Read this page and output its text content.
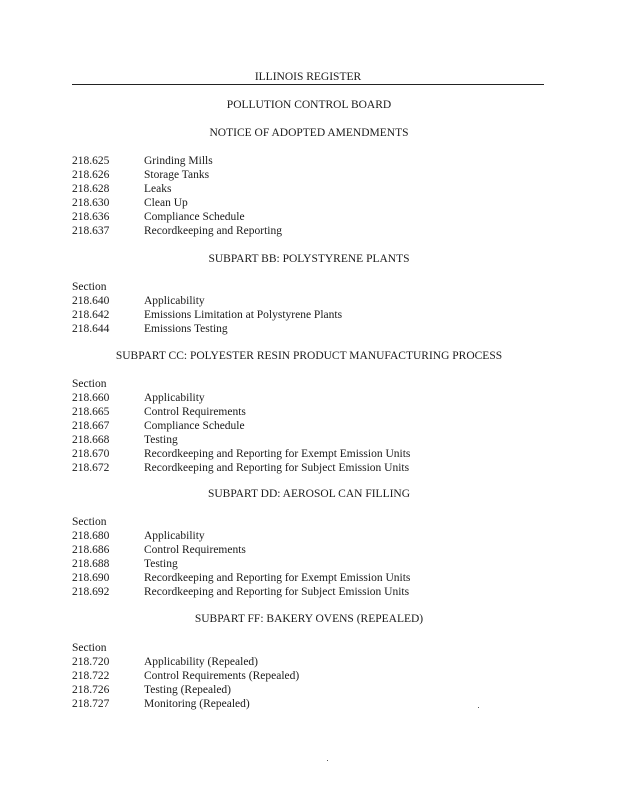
ILLINOIS REGISTER
POLLUTION CONTROL BOARD
NOTICE OF ADOPTED AMENDMENTS
218.625	Grinding Mills
218.626	Storage Tanks
218.628	Leaks
218.630	Clean Up
218.636	Compliance Schedule
218.637	Recordkeeping and Reporting
SUBPART BB: POLYSTYRENE PLANTS
Section
218.640	Applicability
218.642	Emissions Limitation at Polystyrene Plants
218.644	Emissions Testing
SUBPART CC: POLYESTER RESIN PRODUCT MANUFACTURING PROCESS
Section
218.660	Applicability
218.665	Control Requirements
218.667	Compliance Schedule
218.668	Testing
218.670	Recordkeeping and Reporting for Exempt Emission Units
218.672	Recordkeeping and Reporting for Subject Emission Units
SUBPART DD: AEROSOL CAN FILLING
Section
218.680	Applicability
218.686	Control Requirements
218.688	Testing
218.690	Recordkeeping and Reporting for Exempt Emission Units
218.692	Recordkeeping and Reporting for Subject Emission Units
SUBPART FF: BAKERY OVENS (REPEALED)
Section
218.720	Applicability (Repealed)
218.722	Control Requirements (Repealed)
218.726	Testing (Repealed)
218.727	Monitoring (Repealed)
